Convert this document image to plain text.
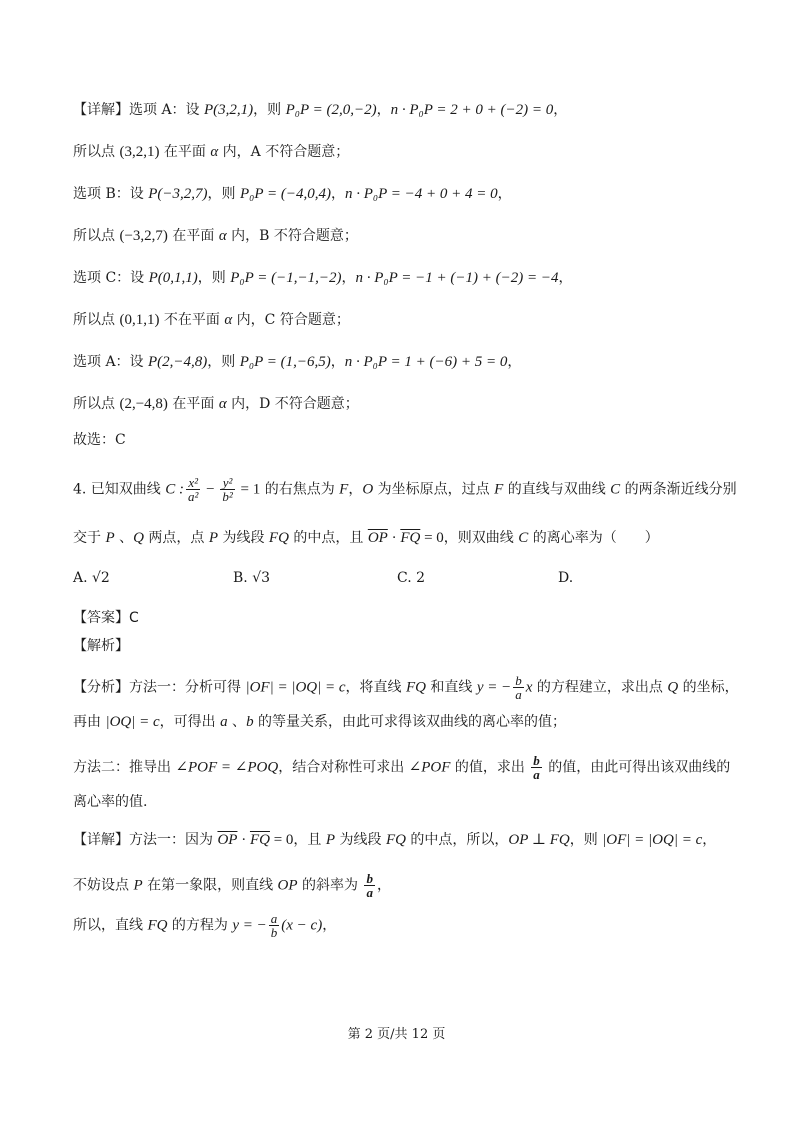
【详解】选项 A：设 P(3,2,1)，则 P₀P = (2,0,−2)，n · P₀P = 2 + 0 + (−2) = 0，
所以点 (3,2,1) 在平面 α 内，A 不符合题意；
选项 B：设 P(−3,2,7)，则 P₀P = (−4,0,4)，n · P₀P = −4 + 0 + 4 = 0，
所以点 (−3,2,7) 在平面 α 内，B 不符合题意；
选项 C：设 P(0,1,1)，则 P₀P = (−1,−1,−2)，n · P₀P = −1 + (−1) + (−2) = −4，
所以点 (0,1,1) 不在平面 α 内，C 符合题意；
选项 A：设 P(2,−4,8)，则 P₀P = (1,−6,5)，n · P₀P = 1 + (−6) + 5 = 0，
所以点 (2,−4,8) 在平面 α 内，D 不符合题意；
故选：C
4. 已知双曲线 C : $\frac{\text{x²}}{\text{a²}} - \frac{\text{y²}}{\text{b²}} = 1$ 的右焦点为 F，O 为坐标原点，过点 F 的直线与双曲线 C 的两条渐近线分别
交于 P 、Q 两点，点 P 为线段 FQ 的中点，且 $\overline{OP} \cdot \overline{FQ} = 0$，则双曲线 C 的离心率为（　　）
A. √2	B. √3	C. 2	D.
【答案】C
【解析】
【分析】方法一：分析可得 |OF| = |OQ| = c，将直线 FQ 和直线 y = − $\frac{b}{a}$ x 的方程建立，求出点 Q 的坐标，
再由 |OQ| = c，可得出 a 、b 的等量关系，由此可求得该双曲线的离心率的值；
方法二：推导出 ∠POF = ∠POQ，结合对称性可求出 ∠POF 的值，求出 $\frac{b}{a}$ 的值，由此可得出该双曲线的
离心率的值.
【详解】方法一：因为 $\overline{OP} \cdot \overline{FQ} = 0$，且 P 为线段 FQ 的中点，所以，OP ⊥ FQ，则 |OF| = |OQ| = c，
不妨设点 P 在第一象限，则直线 OP 的斜率为 $\frac{b}{a}$ ，
所以，直线 FQ 的方程为 y = − $\frac{a}{b} (x - c)$，
第 2 页/共 12 页
